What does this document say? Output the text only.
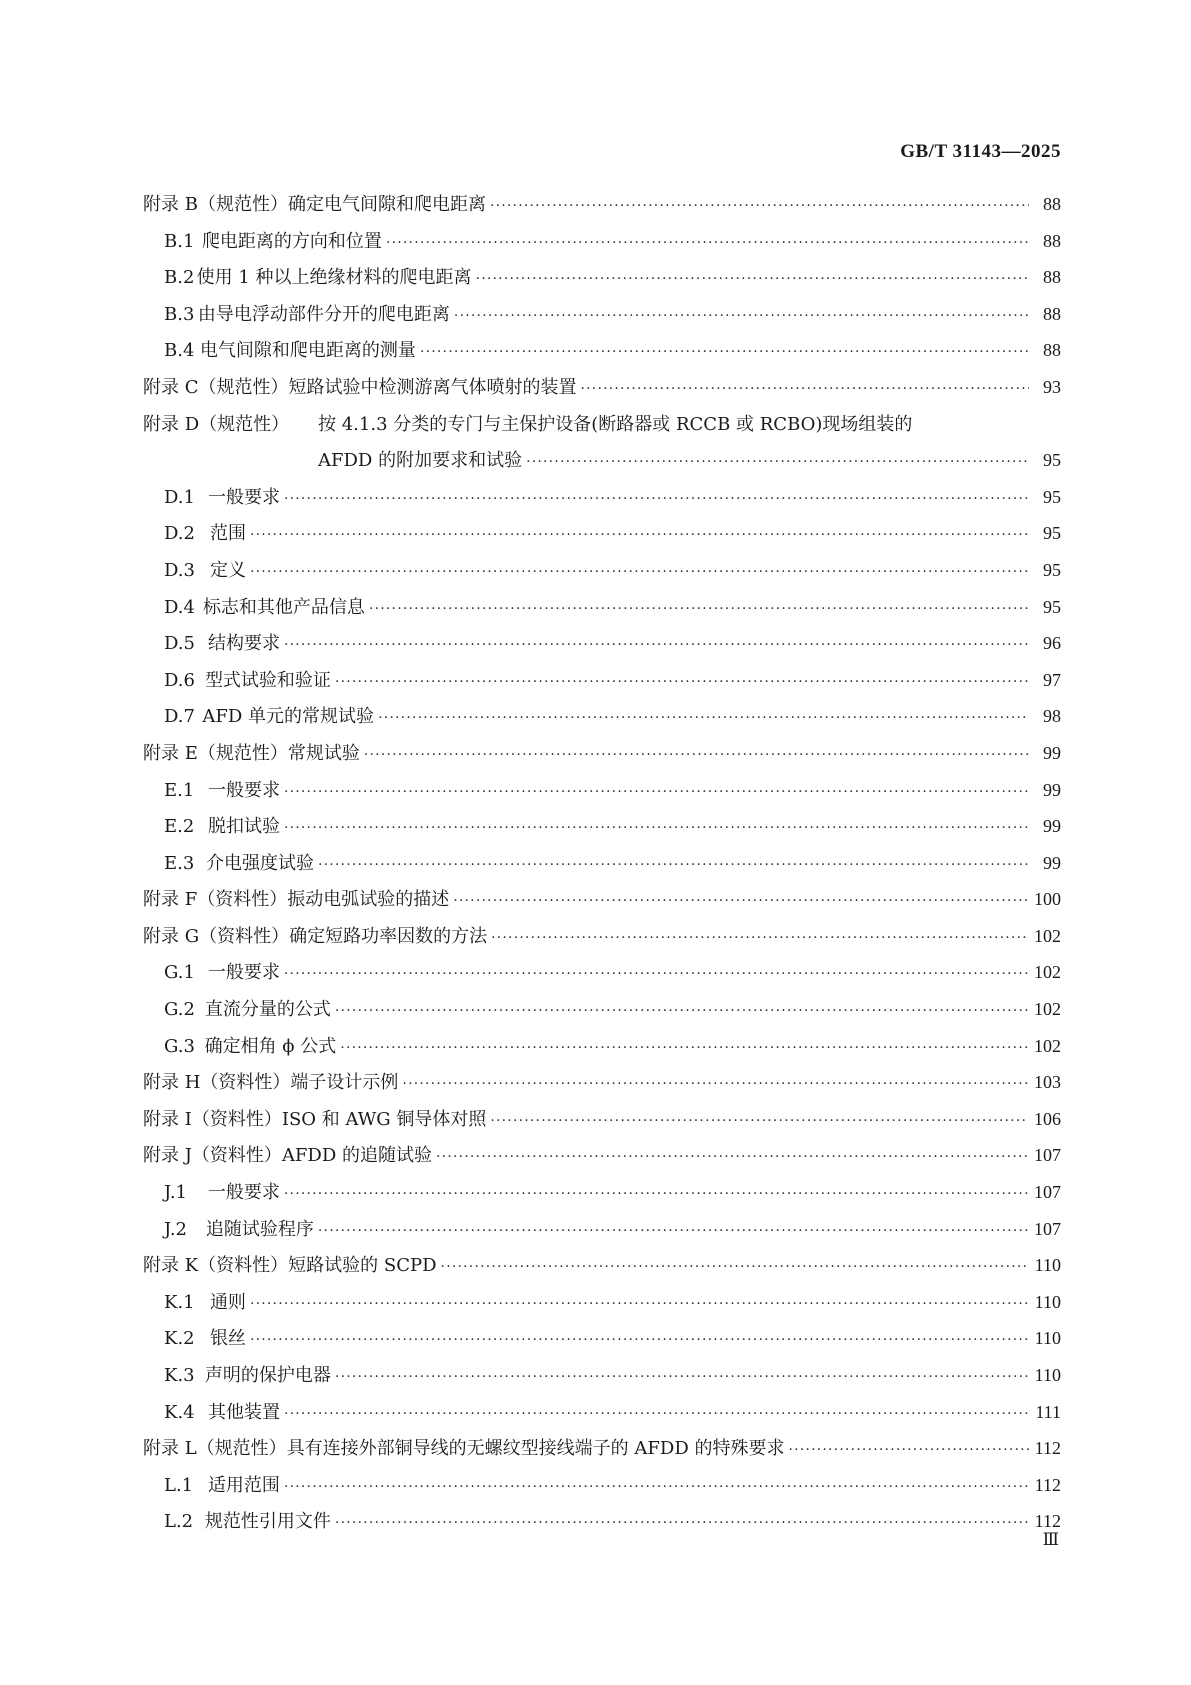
GB/T 31143—2025
附录 B（规范性） 确定电气间隙和爬电距离 ·····	88
B.1 爬电距离的方向和位置 ·····	88
B.2 使用 1 种以上绝缘材料的爬电距离 ·····	88
B.3 由导电浮动部件分开的爬电距离 ·····	88
B.4 电气间隙和爬电距离的测量 ·····	88
附录 C（规范性） 短路试验中检测游离气体喷射的装置 ·····	93
附录 D（规范性）	按 4.1.3 分类的专门与主保护设备(断路器或 RCCB 或 RCBO)现场组装的
AFDD 的附加要求和试验 ·····	95
D.1 一般要求 ·····	95
D.2 范围 ·····	95
D.3 定义 ·····	95
D.4 标志和其他产品信息 ·····	95
D.5 结构要求 ·····	96
D.6 型式试验和验证 ·····	97
D.7 AFD 单元的常规试验 ·····	98
附录 E（规范性） 常规试验 ·····	99
E.1 一般要求 ·····	99
E.2 脱扣试验 ·····	99
E.3 介电强度试验 ·····	99
附录 F（资料性） 振动电弧试验的描述 ·····	100
附录 G（资料性） 确定短路功率因数的方法 ·····	102
G.1 一般要求 ·····	102
G.2 直流分量的公式 ·····	102
G.3 确定相角 ϕ 公式 ·····	102
附录 H（资料性） 端子设计示例 ·····	103
附录 I（资料性） ISO 和 AWG 铜导体对照 ·····	106
附录 J（资料性） AFDD 的追随试验 ·····	107
J.1	一般要求 ·····	107
J.2	追随试验程序 ·····	107
附录 K（资料性） 短路试验的 SCPD ·····	110
K.1 通则 ·····	110
K.2 银丝 ·····	110
K.3 声明的保护电器 ·····	110
K.4 其他装置 ·····	111
附录 L（规范性） 具有连接外部铜导线的无螺纹型接线端子的 AFDD 的特殊要求 ·····	112
L.1 适用范围 ·····	112
L.2 规范性引用文件 ·····	112
Ⅲ
